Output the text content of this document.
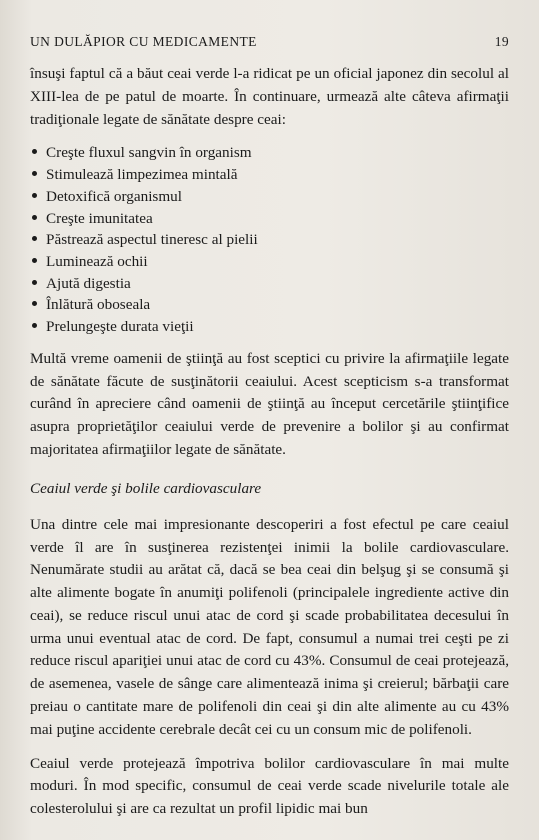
UN DULĂPIOR CU MEDICAMENTE	19

însuşi faptul că a băut ceai verde l-a ridicat pe un oficial japonez din secolul al XIII-lea de pe patul de moarte. În continuare, urmează alte câteva afirmaţii tradiţionale legate de sănătate despre ceai:

Creşte fluxul sangvin în organism
Stimulează limpezimea mintală
Detoxifică organismul
Creşte imunitatea
Păstrează aspectul tineresc al pielii
Luminează ochii
Ajută digestia
Înlătură oboseala
Prelungeşte durata vieţii

Multă vreme oamenii de ştiinţă au fost sceptici cu privire la afirmaţiile legate de sănătate făcute de susţinătorii ceaiului. Acest scepticism s-a transformat curând în apreciere când oamenii de ştiinţă au început cercetările ştiinţifice asupra proprietăţilor ceaiului verde de prevenire a bolilor şi au confirmat majoritatea afirmaţiilor legate de sănătate.

Ceaiul verde şi bolile cardiovasculare

Una dintre cele mai impresionante descoperiri a fost efectul pe care ceaiul verde îl are în susţinerea rezistenţei inimii la bolile cardiovasculare. Nenumărate studii au arătat că, dacă se bea ceai din belşug şi se consumă şi alte alimente bogate în anumiţi polifenoli (principalele ingrediente active din ceai), se reduce riscul unui atac de cord şi scade probabilitatea decesului în urma unui eventual atac de cord. De fapt, consumul a numai trei ceşti pe zi reduce riscul apariţiei unui atac de cord cu 43%. Consumul de ceai protejează, de asemenea, vasele de sânge care alimentează inima şi creierul; bărbaţii care preiau o cantitate mare de polifenoli din ceai şi din alte alimente au cu 43% mai puţine accidente cerebrale decât cei cu un consum mic de polifenoli.

Ceaiul verde protejează împotriva bolilor cardiovasculare în mai multe moduri. În mod specific, consumul de ceai verde scade nivelurile totale ale colesterolului şi are ca rezultat un profil lipidic mai bun
